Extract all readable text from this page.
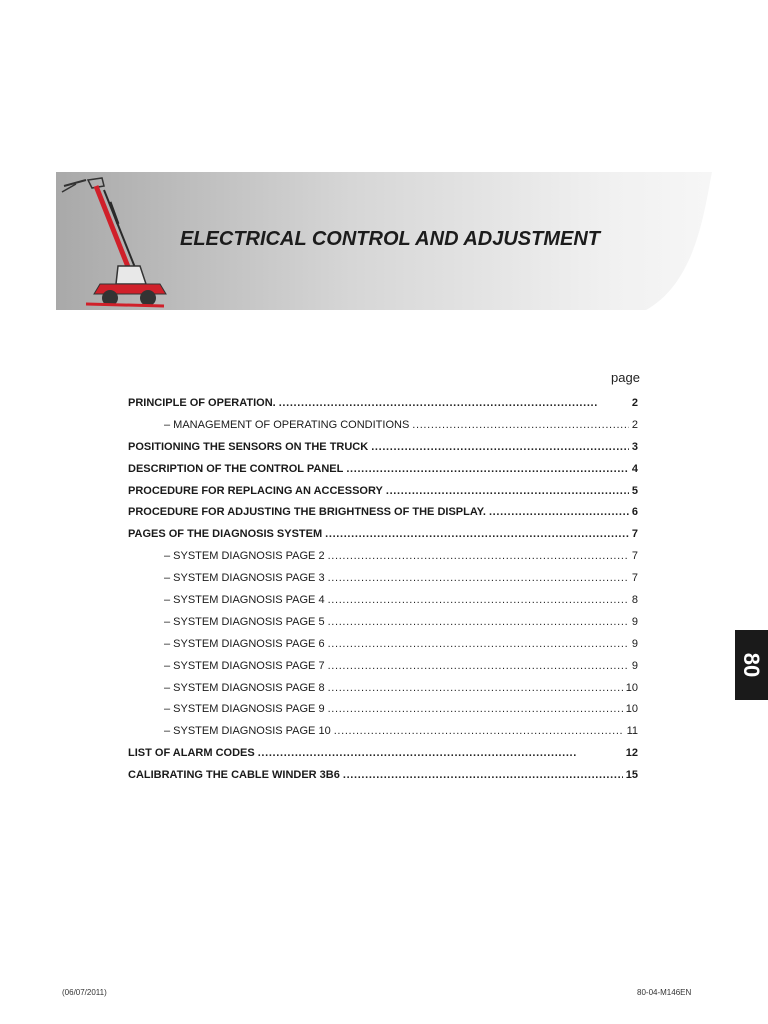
ELECTRICAL CONTROL AND ADJUSTMENT
page
PRINCIPLE OF OPERATION. . . .	2
– MANAGEMENT OF OPERATING CONDITIONS . . .	2
POSITIONING THE SENSORS ON THE TRUCK . . .	3
DESCRIPTION OF THE CONTROL PANEL . . .	4
PROCEDURE FOR REPLACING AN ACCESSORY . . .	5
PROCEDURE FOR ADJUSTING THE BRIGHTNESS OF THE DISPLAY. . . .	6
PAGES OF THE DIAGNOSIS SYSTEM . . .	7
– SYSTEM DIAGNOSIS PAGE 2 . . .	7
– SYSTEM DIAGNOSIS PAGE 3 . . .	7
– SYSTEM DIAGNOSIS PAGE 4 . . .	8
– SYSTEM DIAGNOSIS PAGE 5 . . .	9
– SYSTEM DIAGNOSIS PAGE 6 . . .	9
– SYSTEM DIAGNOSIS PAGE 7 . . .	9
– SYSTEM DIAGNOSIS PAGE 8 . . .	10
– SYSTEM DIAGNOSIS PAGE 9 . . .	10
– SYSTEM DIAGNOSIS PAGE 10 . . .	11
LIST OF ALARM CODES . . .	12
CALIBRATING THE CABLE WINDER 3B6 . . .	15
80
(06/07/2011)	80-04-M146EN
